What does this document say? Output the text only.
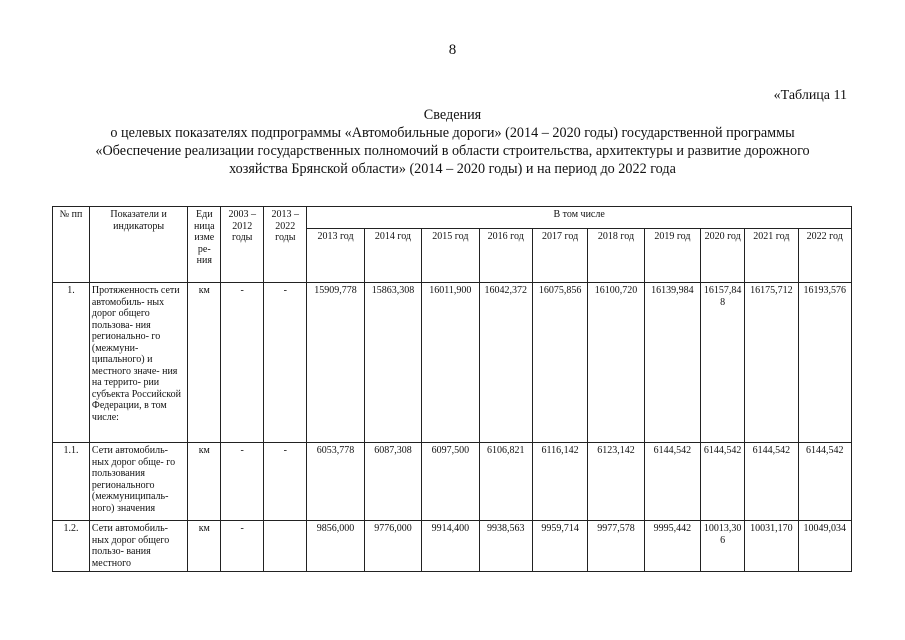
8
«Таблица 11
Сведения
о целевых показателях подпрограммы «Автомобильные дороги» (2014 – 2020 годы) государственной программы
«Обеспечение реализации государственных полномочий в области строительства, архитектуры и развитие дорожного
хозяйства Брянской области» (2014 – 2020 годы) и на период до 2022 года
№ пп	Показатели и индикаторы	Еди ница изме ре- ния	2003 – 2012 годы	2013 – 2022 годы	В том числе									
					2013 год	2014 год	2015 год	2016 год	2017 год	2018 год	2019 год	2020 год	2021 год	2022 год
1.	Протяженность сети автомобиль- ных дорог общего пользова- ния регионально- го (межмуни- ципального) и местного значе- ния на террито- рии субъекта Российской Федерации, в том числе:	км	-	-	15909,778	15863,308	16011,900	16042,372	16075,856	16100,720	16139,984	16157,848	16175,712	16193,576
1.1.	Сети автомобиль- ных дорог обще- го пользования регионального (межмуниципаль- ного) значения	км	-	-	6053,778	6087,308	6097,500	6106,821	6116,142	6123,142	6144,542	6144,542	6144,542	6144,542
1.2.	Сети автомобиль- ных дорог общего пользо- вания местного	км	-		9856,000	9776,000	9914,400	9938,563	9959,714	9977,578	9995,442	10013,306	10031,170	10049,034
